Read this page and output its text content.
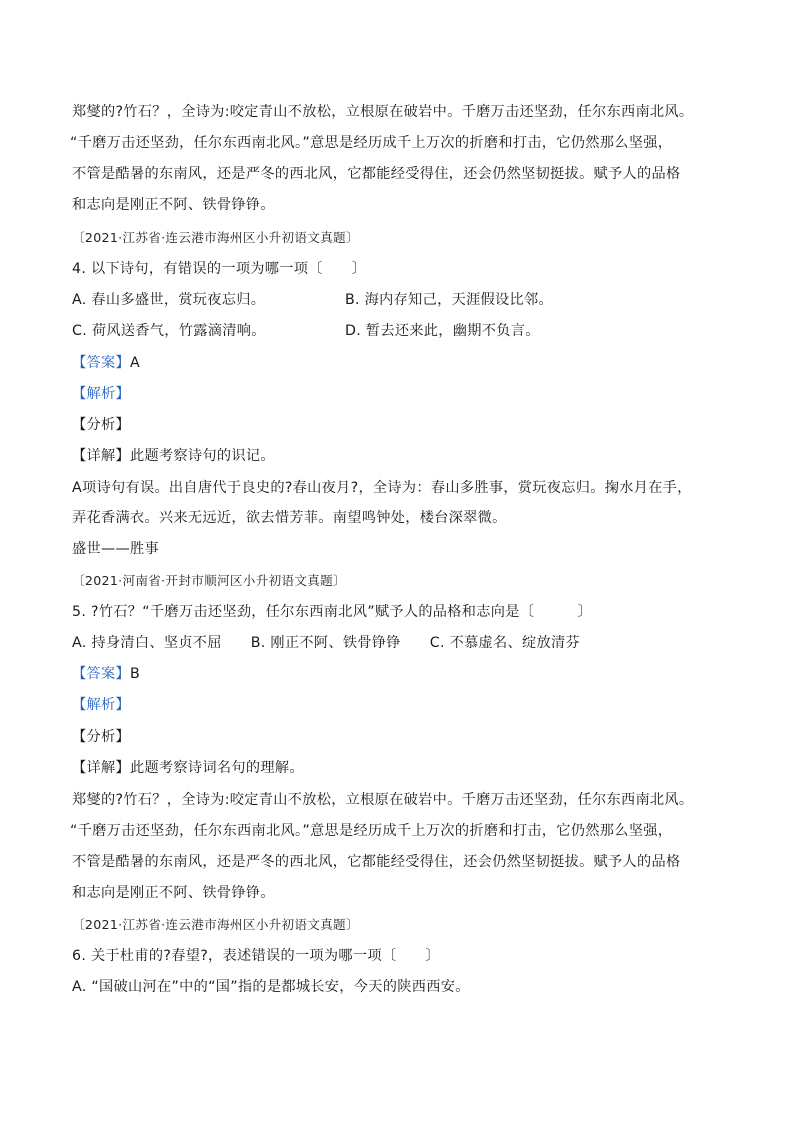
郑燮的?竹石？，全诗为:咬定青山不放松，立根原在破岩中。千磨万击还坚劲，任尔东西南北风。
“千磨万击还坚劲，任尔东西南北风。”意思是经历成千上万次的折磨和打击，它仍然那么坚强，
不管是酷暑的东南风，还是严冬的西北风，它都能经受得住，还会仍然坚韧挺拔。赋予人的品格
和志向是刚正不阿、铁骨铮铮。
〔2021·江苏省·连云港市海州区小升初语文真题〕
4. 以下诗句，有错误的一项为哪一项〔　　〕
A. 春山多盛世，赏玩夜忘归。	B. 海内存知己，天涯假设比邻。
C. 荷风送香气，竹露滴清响。	D. 暂去还来此，幽期不负言。
【答案】A
【解析】
【分析】
【详解】此题考察诗句的识记。
A项诗句有误。出自唐代于良史的?春山夜月?，全诗为：春山多胜事，赏玩夜忘归。掬水月在手，
弄花香满衣。兴来无远近，欲去惜芳菲。南望鸣钟处，楼台深翠微。
盛世——胜事
〔2021·河南省·开封市顺河区小升初语文真题〕
5. ?竹石？“千磨万击还坚劲，任尔东西南北风”赋予人的品格和志向是〔　　　〕
A. 持身清白、坚贞不屈　　B. 刚正不阿、铁骨铮铮　　C. 不慕虚名、绽放清芬
【答案】B
【解析】
【分析】
【详解】此题考察诗词名句的理解。
郑燮的?竹石？，全诗为:咬定青山不放松，立根原在破岩中。千磨万击还坚劲，任尔东西南北风。
“千磨万击还坚劲，任尔东西南北风。”意思是经历成千上万次的折磨和打击，它仍然那么坚强，
不管是酷暑的东南风，还是严冬的西北风，它都能经受得住，还会仍然坚韧挺拔。赋予人的品格
和志向是刚正不阿、铁骨铮铮。
〔2021·江苏省·连云港市海州区小升初语文真题〕
6. 关于杜甫的?春望?，表述错误的一项为哪一项〔　　〕
A. “国破山河在”中的“国”指的是都城长安，今天的陕西西安。
